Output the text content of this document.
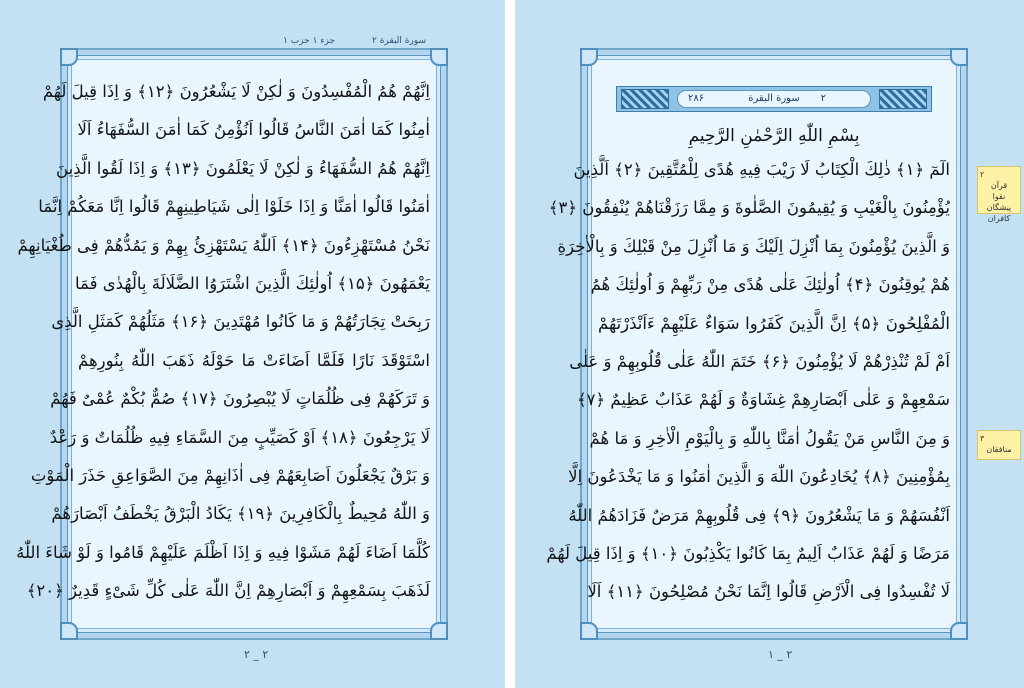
سورة البقرة ۲
جزء ۱ حزب ۱
اِنَّهُمْ هُمُ الْمُفْسِدُونَ وَ لٰكِنْ لَا يَشْعُرُونَ ﴿۱۲﴾ وَ اِذَا قِيلَ لَهُمْ
اٰمِنُوا كَمَا اٰمَنَ النَّاسُ قَالُوا اَنُؤْمِنُ كَمَا اٰمَنَ السُّفَهَاءُ اَلَا
اِنَّهُمْ هُمُ السُّفَهَاءُ وَ لٰكِنْ لَا يَعْلَمُونَ ﴿۱۳﴾ وَ اِذَا لَقُوا الَّذِينَ
اٰمَنُوا قَالُوا اٰمَنَّا وَ اِذَا خَلَوْا اِلٰى شَيَاطِينِهِمْ قَالُوا اِنَّا مَعَكُمْ اِنَّمَا
نَحْنُ مُسْتَهْزِءُونَ ﴿۱۴﴾ اَللّٰهُ يَسْتَهْزِئُ بِهِمْ وَ يَمُدُّهُمْ فِى طُغْيَانِهِمْ
يَعْمَهُونَ ﴿۱۵﴾ اُولٰئِكَ الَّذِينَ اشْتَرَوُا الضَّلَالَةَ بِالْهُدٰى فَمَا
رَبِحَتْ تِجَارَتُهُمْ وَ مَا كَانُوا مُهْتَدِينَ ﴿۱۶﴾ مَثَلُهُمْ كَمَثَلِ الَّذِى
اسْتَوْقَدَ نَارًا فَلَمَّا اَضَاءَتْ مَا حَوْلَهُ ذَهَبَ اللّٰهُ بِنُورِهِمْ
وَ تَرَكَهُمْ فِى ظُلُمَاتٍ لَا يُبْصِرُونَ ﴿۱۷﴾ صُمٌّ بُكْمٌ عُمْىٌ فَهُمْ
لَا يَرْجِعُونَ ﴿۱۸﴾ اَوْ كَصَيِّبٍ مِنَ السَّمَاءِ فِيهِ ظُلُمَاتٌ وَ رَعْدٌ
وَ بَرْقٌ يَجْعَلُونَ اَصَابِعَهُمْ فِى اٰذَانِهِمْ مِنَ الصَّوَاعِقِ حَذَرَ الْمَوْتِ
وَ اللّٰهُ مُحِيطٌ بِالْكَافِرِينَ ﴿۱۹﴾ يَكَادُ الْبَرْقُ يَخْطَفُ اَبْصَارَهُمْ
كُلَّمَا اَضَاءَ لَهُمْ مَشَوْا فِيهِ وَ اِذَا اَظْلَمَ عَلَيْهِمْ قَامُوا وَ لَوْ شَاءَ اللّٰهُ
لَذَهَبَ بِسَمْعِهِمْ وَ اَبْصَارِهِمْ اِنَّ اللّٰهَ عَلٰى كُلِّ شَىْءٍ قَدِيرٌ ﴿۲۰﴾
۲ _ ۲
۲
سورة البقرة
۲۸۶
بِسْمِ اللّٰهِ الرَّحْمٰنِ الرَّحِيمِ
الٓمٓ ﴿۱﴾ ذٰلِكَ الْكِتَابُ لَا رَيْبَ فِيهِ هُدًى لِلْمُتَّقِينَ ﴿۲﴾ اَلَّذِينَ
يُؤْمِنُونَ بِالْغَيْبِ وَ يُقِيمُونَ الصَّلٰوةَ وَ مِمَّا رَزَقْنَاهُمْ يُنْفِقُونَ ﴿۳﴾
وَ الَّذِينَ يُؤْمِنُونَ بِمَا اُنْزِلَ اِلَيْكَ وَ مَا اُنْزِلَ مِنْ قَبْلِكَ وَ بِالْاٰخِرَةِ
هُمْ يُوقِنُونَ ﴿۴﴾ اُولٰئِكَ عَلٰى هُدًى مِنْ رَبِّهِمْ وَ اُولٰئِكَ هُمُ
الْمُفْلِحُونَ ﴿۵﴾ اِنَّ الَّذِينَ كَفَرُوا سَوَاءٌ عَلَيْهِمْ ءَاَنْذَرْتَهُمْ
اَمْ لَمْ تُنْذِرْهُمْ لَا يُؤْمِنُونَ ﴿۶﴾ خَتَمَ اللّٰهُ عَلٰى قُلُوبِهِمْ وَ عَلٰى
سَمْعِهِمْ وَ عَلٰى اَبْصَارِهِمْ غِشَاوَةٌ وَ لَهُمْ عَذَابٌ عَظِيمٌ ﴿۷﴾
وَ مِنَ النَّاسِ مَنْ يَقُولُ اٰمَنَّا بِاللّٰهِ وَ بِالْيَوْمِ الْاٰخِرِ وَ مَا هُمْ
بِمُؤْمِنِينَ ﴿۸﴾ يُخَادِعُونَ اللّٰهَ وَ الَّذِينَ اٰمَنُوا وَ مَا يَخْدَعُونَ اِلَّا
اَنْفُسَهُمْ وَ مَا يَشْعُرُونَ ﴿۹﴾ فِى قُلُوبِهِمْ مَرَضٌ فَزَادَهُمُ اللّٰهُ
مَرَضًا وَ لَهُمْ عَذَابٌ اَلِيمٌ بِمَا كَانُوا يَكْذِبُونَ ﴿۱۰﴾ وَ اِذَا قِيلَ لَهُمْ
لَا تُفْسِدُوا فِى الْاَرْضِ قَالُوا اِنَّمَا نَحْنُ مُصْلِحُونَ ﴿۱۱﴾ اَلَا
۲
قرآن
نقوا پیشگان
کافران
۳
منافقان
۱ _ ۲
